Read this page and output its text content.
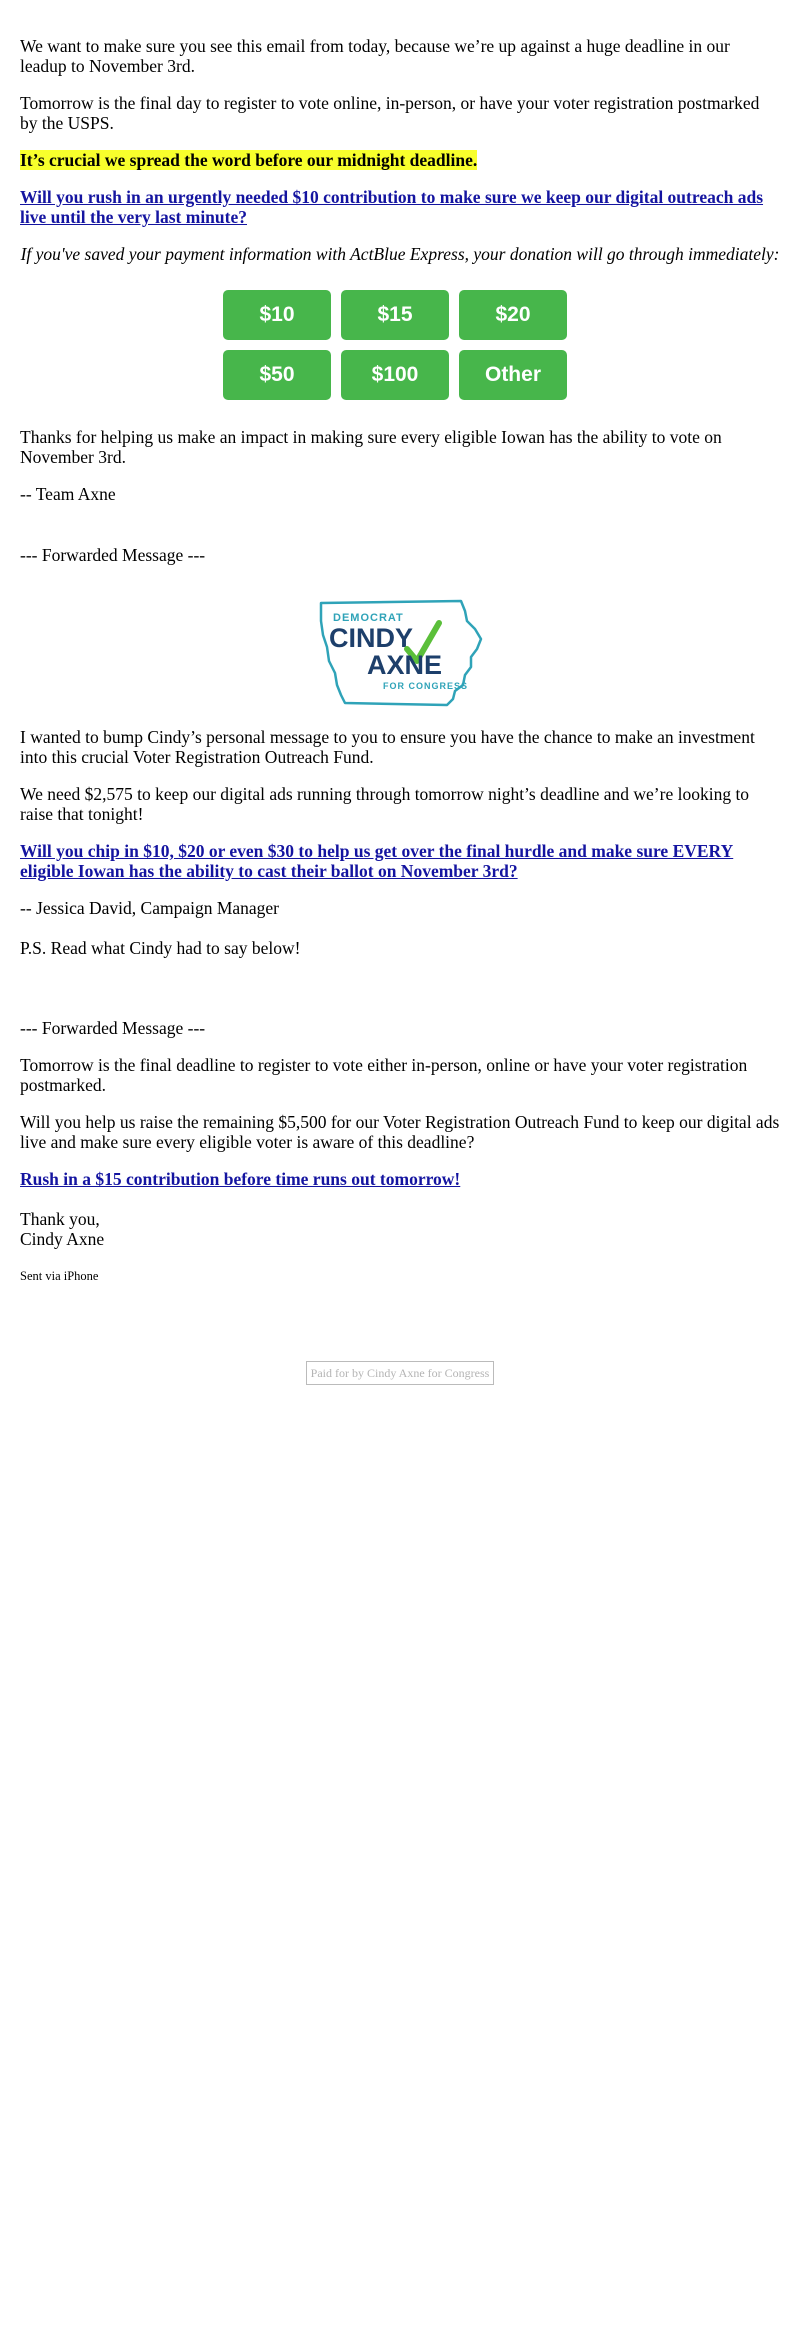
We want to make sure you see this email from today, because we’re up against a huge deadline in our leadup to November 3rd.

Tomorrow is the final day to register to vote online, in-person, or have your voter registration postmarked by the USPS.

It’s crucial we spread the word before our midnight deadline.

Will you rush in an urgently needed $10 contribution to make sure we keep our digital outreach ads live until the very last minute?

If you've saved your payment information with ActBlue Express, your donation will go through immediately:

$10	$15	$20
$50	$100	Other

Thanks for helping us make an impact in making sure every eligible Iowan has the ability to vote on November 3rd.

-- Team Axne

--- Forwarded Message ---

DEMOCRAT
CINDY
AXNE
FOR CONGRESS

I wanted to bump Cindy’s personal message to you to ensure you have the chance to make an investment into this crucial Voter Registration Outreach Fund.

We need $2,575 to keep our digital ads running through tomorrow night’s deadline and we’re looking to raise that tonight!

Will you chip in $10, $20 or even $30 to help us get over the final hurdle and make sure EVERY eligible Iowan has the ability to cast their ballot on November 3rd?

-- Jessica David, Campaign Manager

P.S. Read what Cindy had to say below!

--- Forwarded Message ---

Tomorrow is the final deadline to register to vote either in-person, online or have your voter registration postmarked.

Will you help us raise the remaining $5,500 for our Voter Registration Outreach Fund to keep our digital ads live and make sure every eligible voter is aware of this deadline?

Rush in a $15 contribution before time runs out tomorrow!

Thank you,

Cindy Axne

Sent via iPhone

Paid for by Cindy Axne for Congress
